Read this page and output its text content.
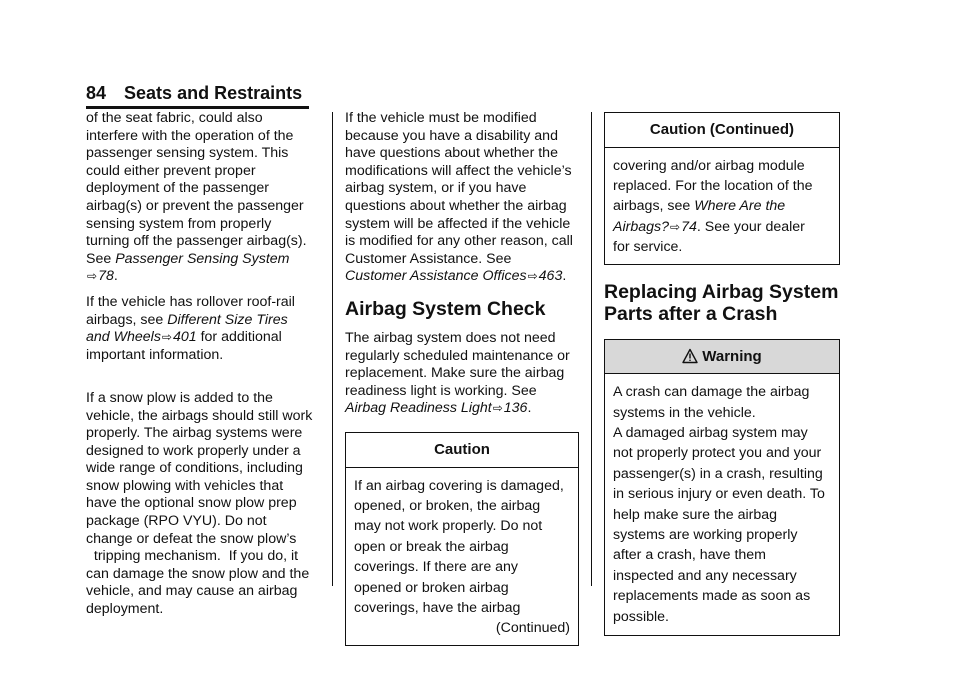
84 Seats and Restraints

of the seat fabric, could also
interfere with the operation of the
passenger sensing system. This
could either prevent proper
deployment of the passenger
airbag(s) or prevent the passenger
sensing system from properly
turning off the passenger airbag(s).
See Passenger Sensing System
⇨78.

If the vehicle has rollover roof-rail
airbags, see Different Size Tires
and Wheels⇨401 for additional
important information.

If a snow plow is added to the
vehicle, the airbags should still work
properly. The airbag systems were
designed to work properly under a
wide range of conditions, including
snow plowing with vehicles that
have the optional snow plow prep
package (RPO VYU). Do not
change or defeat the snow plow’s
tripping mechanism.  If you do, it
can damage the snow plow and the
vehicle, and may cause an airbag
deployment.

If the vehicle must be modified
because you have a disability and
have questions about whether the
modifications will affect the vehicle’s
airbag system, or if you have
questions about whether the airbag
system will be affected if the vehicle
is modified for any other reason, call
Customer Assistance. See
Customer Assistance Offices⇨463.

Airbag System Check

The airbag system does not need
regularly scheduled maintenance or
replacement. Make sure the airbag
readiness light is working. See
Airbag Readiness Light⇨136.

Caution

If an airbag covering is damaged,
opened, or broken, the airbag
may not work properly. Do not
open or break the airbag
coverings. If there are any
opened or broken airbag
coverings, have the airbag

(Continued)
Caution (Continued)

covering and/or airbag module
replaced. For the location of the
airbags, see Where Are the
Airbags?⇨74. See your dealer
for service.

Replacing Airbag System
Parts after a Crash
Warning

A crash can damage the airbag
systems in the vehicle.

A damaged airbag system may
not properly protect you and your
passenger(s) in a crash, resulting
in serious injury or even death. To
help make sure the airbag
systems are working properly
after a crash, have them
inspected and any necessary
replacements made as soon as
possible.
